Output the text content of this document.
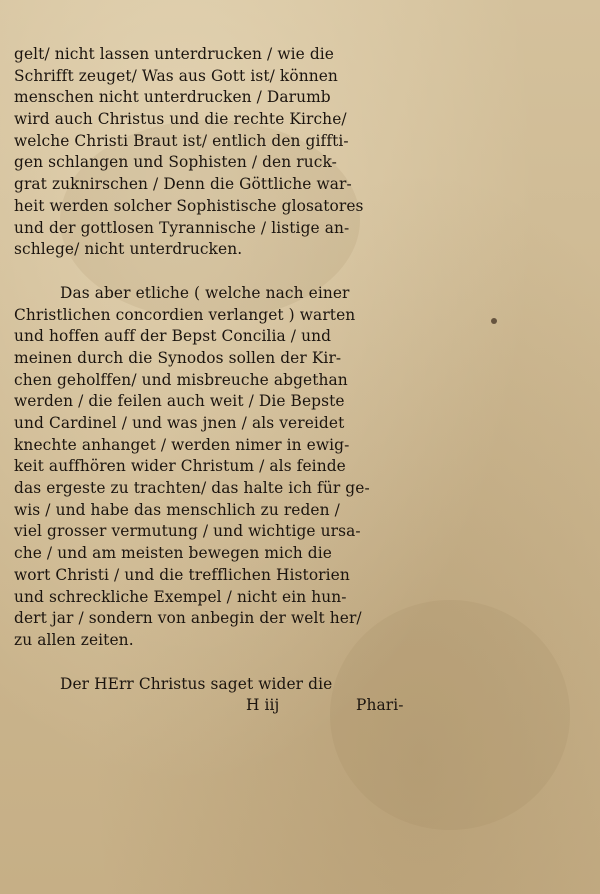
gelt/ nicht lassen unterdrucken / wie die
Schrifft zeuget/ Was aus Gott ist/ können
menschen nicht unterdrucken / Darumb
wird auch Christus und die rechte Kirche/
welche Christi Braut ist/ entlich den giffti-
gen schlangen und Sophisten / den ruck-
grat zuknirschen / Denn die Göttliche war-
heit werden solcher Sophistische glosatores
und der gottlosen Tyrannische / listige an-
schlege/ nicht unterdrucken.
Das aber etliche ( welche nach einer
Christlichen concordien verlanget ) warten
und hoffen auff der Bepst Concilia / und
meinen durch die Synodos sollen der Kir-
chen geholffen/ und misbreuche abgethan
werden / die feilen auch weit / Die Bepste
und Cardinel / und was jnen / als vereidet
knechte anhanget / werden nimer in ewig-
keit auffhören wider Christum / als feinde
das ergeste zu trachten/ das halte ich für ge-
wis / und habe das menschlich zu reden /
viel grosser vermutung / und wichtige ursa-
che / und am meisten bewegen mich die
wort Christi / und die trefflichen Historien
und schreckliche Exempel / nicht ein hun-
dert jar / sondern von anbegin der welt her/
zu allen zeiten.
Der HErr Christus saget wider die
H iij	Phari-
